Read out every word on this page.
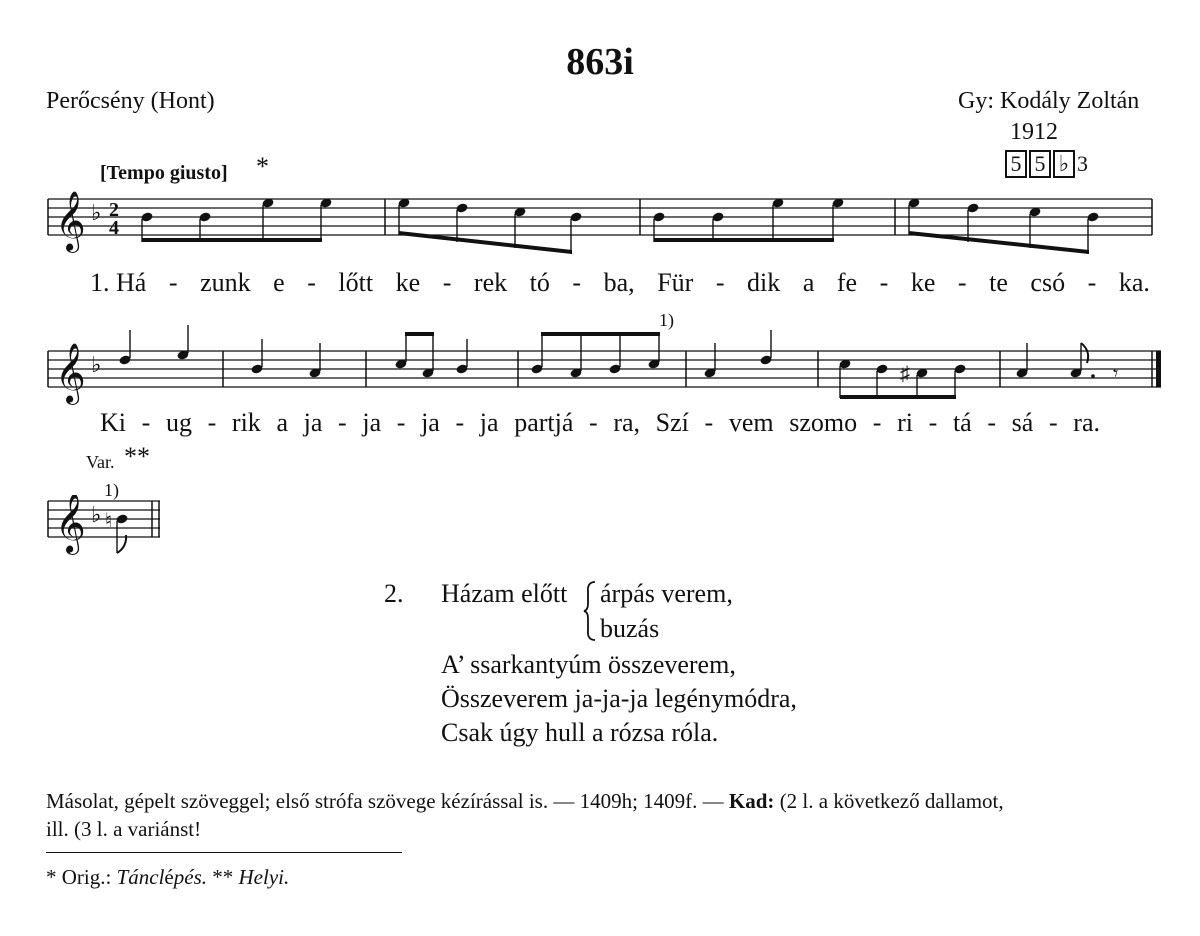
863i
Perőcsény (Hont)	Gy: Kodály Zoltán
1912
5 5 ♭ 3
[Tempo giusto] *
𝄞 ♭ 2
4
1. Há - zunk e - lőtt ke - rek tó - ba, Für - dik a fe - ke - te csó - ka.
1)
𝄞 ♭	♯	𝄾
Ki - ug - rik a ja - ja - ja - ja partjá - ra, Szí - vem szomo - ri - tá - sá - ra.
Var. **
1)
𝄞 ♭ ♮
2. Házam előtt árpás verem,
buzás
A’ ssarkantyúm összeverem,
Összeverem ja-ja-ja legénymódra,
Csak úgy hull a rózsa róla.
Másolat, gépelt szöveggel; első strófa szövege kézírással is. — 1409h; 1409f. — Kad: (2 l. a következő dallamot,
ill. (3 l. a variánst!
* Orig.: Tánclépés. ** Helyi.
